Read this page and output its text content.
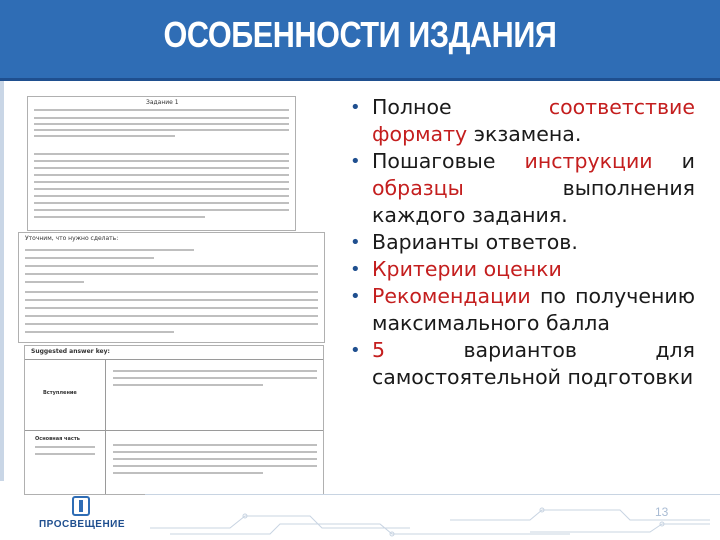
ОСОБЕННОСТИ ИЗДАНИЯ
Задание 1
Уточним, что нужно сделать:
Suggested answer key:
Вступление
Основная часть
• Полное соответствие формату экзамена.
• Пошаговые инструкции и образцы выполнения каждого задания.
• Варианты ответов.
• Критерии оценки
• Рекомендации по получению максимального балла
• 5 вариантов для самостоятельной подготовки
ПРОСВЕЩЕНИЕ
13
